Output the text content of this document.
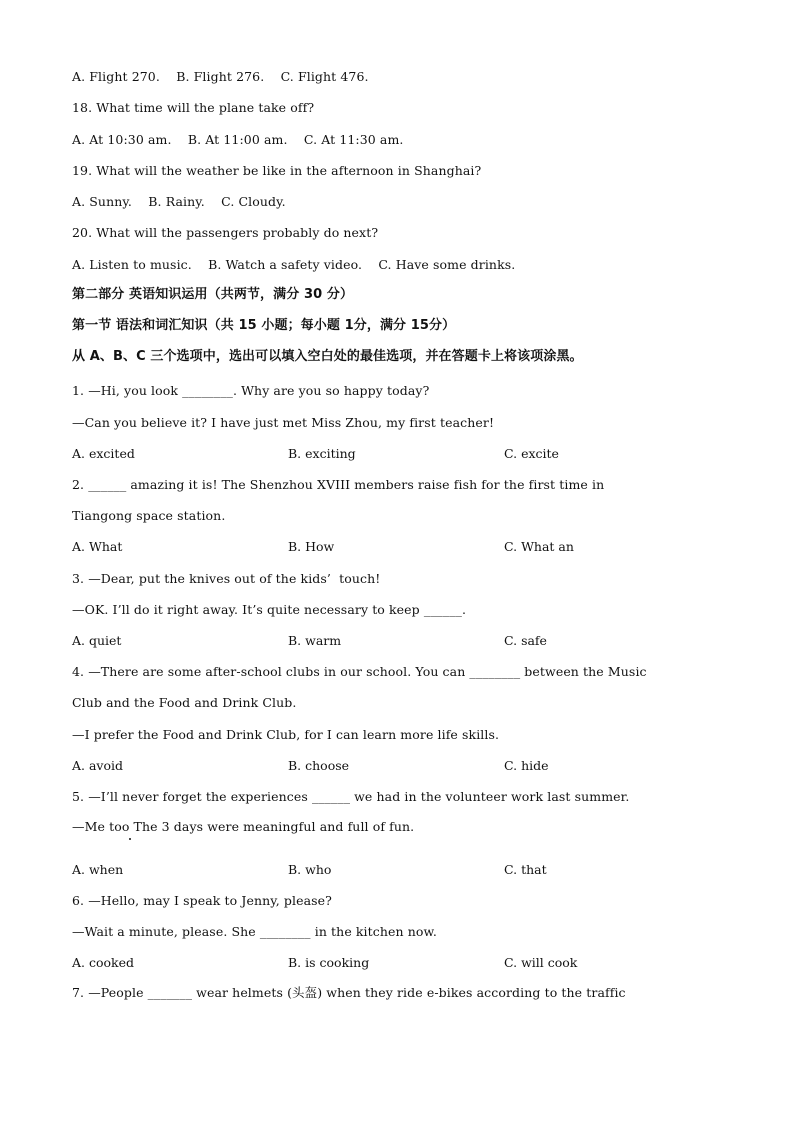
A. Flight 270.    B. Flight 276.    C. Flight 476.
18. What time will the plane take off?
A. At 10:30 am.    B. At 11:00 am.    C. At 11:30 am.
19. What will the weather be like in the afternoon in Shanghai?
A. Sunny.    B. Rainy.    C. Cloudy.
20. What will the passengers probably do next?
A. Listen to music.    B. Watch a safety video.    C. Have some drinks.
第二部分 英语知识运用（共两节，满分 30 分）
第一节 语法和词汇知识（共 15 小题；每小题 1分，满分 15分）
从 A、B、C 三个选项中，选出可以填入空白处的最佳选项，并在答题卡上将该项涂黑。
1. —Hi, you look ________. Why are you so happy today?
—Can you believe it? I have just met Miss Zhou, my first teacher!
A. excited	B. exciting	C. excite
2. ______ amazing it is! The Shenzhou XVIII members raise fish for the first time in
Tiangong space station.
A. What	B. How	C. What an
3. —Dear, put the knives out of the kids’  touch!
—OK. I’ll do it right away. It’s quite necessary to keep ______.
A. quiet	B. warm	C. safe
4. —There are some after-school clubs in our school. You can ________ between the Music
Club and the Food and Drink Club.
—I prefer the Food and Drink Club, for I can learn more life skills.
A. avoid	B. choose	C. hide
5. —I’ll never forget the experiences ______ we had in the volunteer work last summer.
—Me too The 3 days were meaningful and full of fun.
A. when	B. who	C. that
6. —Hello, may I speak to Jenny, please?
—Wait a minute, please. She ________ in the kitchen now.
A. cooked	B. is cooking	C. will cook
7. —People _______ wear helmets (头盔) when they ride e-bikes according to the traffic
